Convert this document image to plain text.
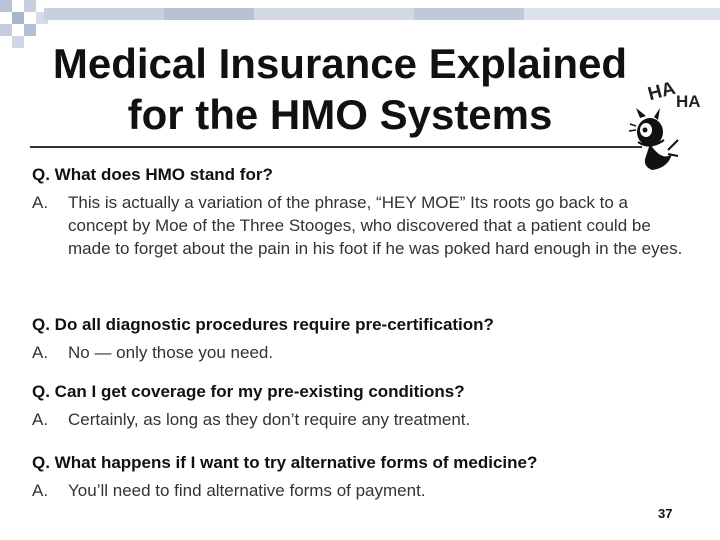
Medical Insurance Explained
for the HMO Systems	HA
HA

Q. What does HMO stand for?

A. This is actually a variation of the phrase, “HEY MOE” Its roots go back to a concept by Moe of the Three Stooges, who discovered that a patient could be made to forget about the pain in his foot if he was poked hard enough in the eyes.

Q. Do all diagnostic procedures require pre-certification?

A. No — only those you need.

Q. Can I get coverage for my pre-existing conditions?

A. Certainly, as long as they don’t require any treatment.

Q. What happens if I want to try alternative forms of medicine?

A. You’ll need to find alternative forms of payment.

37
